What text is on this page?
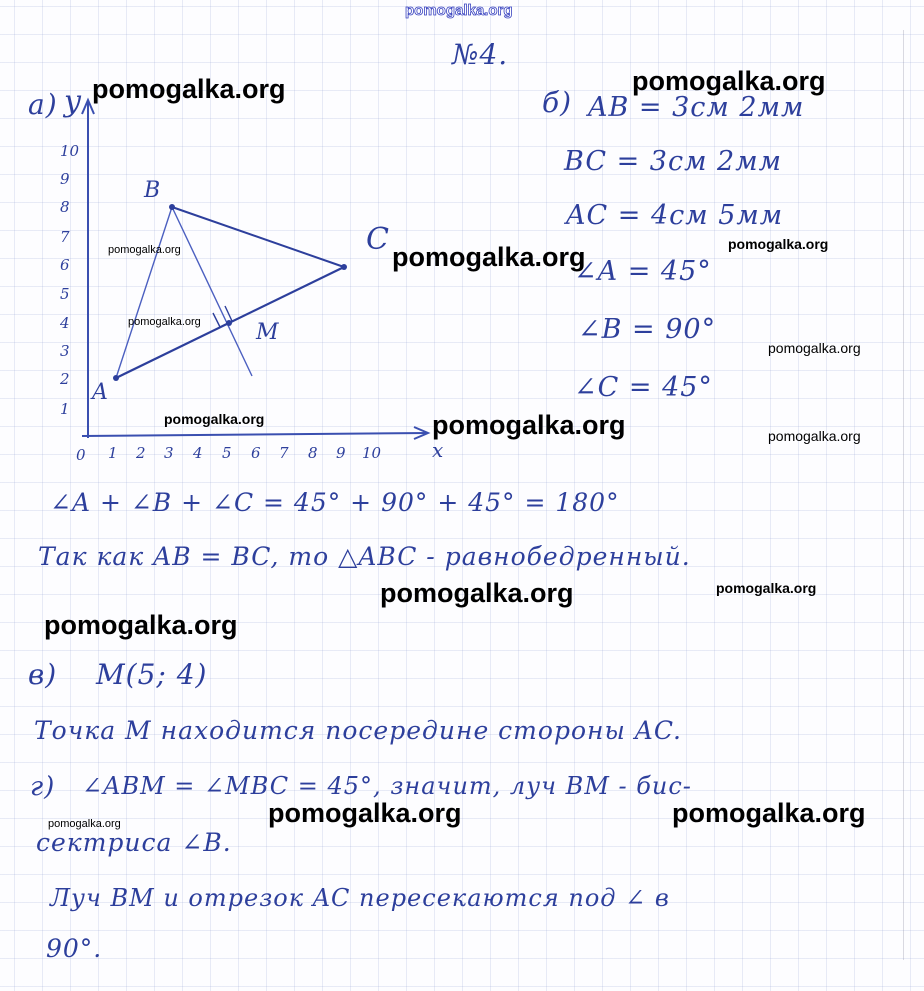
pomogalka.org
№4.
а) y
x
10
9
8
7
6
5
4
3
2
1
0 1 2 3 4 5 6 7 8 9 10
A
B
C
M
б) AB = 3см 2мм
BC = 3см 2мм
AC = 4см 5мм
∠A = 45°
∠B = 90°
∠C = 45°
∠A + ∠B + ∠C = 45° + 90° + 45° = 180°
Так как AB = BC, то △ABC - равнобедренный.
в) M(5; 4)
Точка M находится посередине стороны AC.
г) ∠ABM = ∠MBC = 45°, значит, луч BM - бис-
сектриса ∠B.
Луч BM и отрезок AC пересекаются под ∠ в
90°.
pomogalka.org	pomogalka.org
pomogalka.org	pomogalka.org	pomogalka.org
pomogalka.org
pomogalka.org
pomogalka.org	pomogalka.org	pomogalka.org
pomogalka.org	pomogalka.org
pomogalka.org
pomogalka.org	pomogalka.org	pomogalka.org
